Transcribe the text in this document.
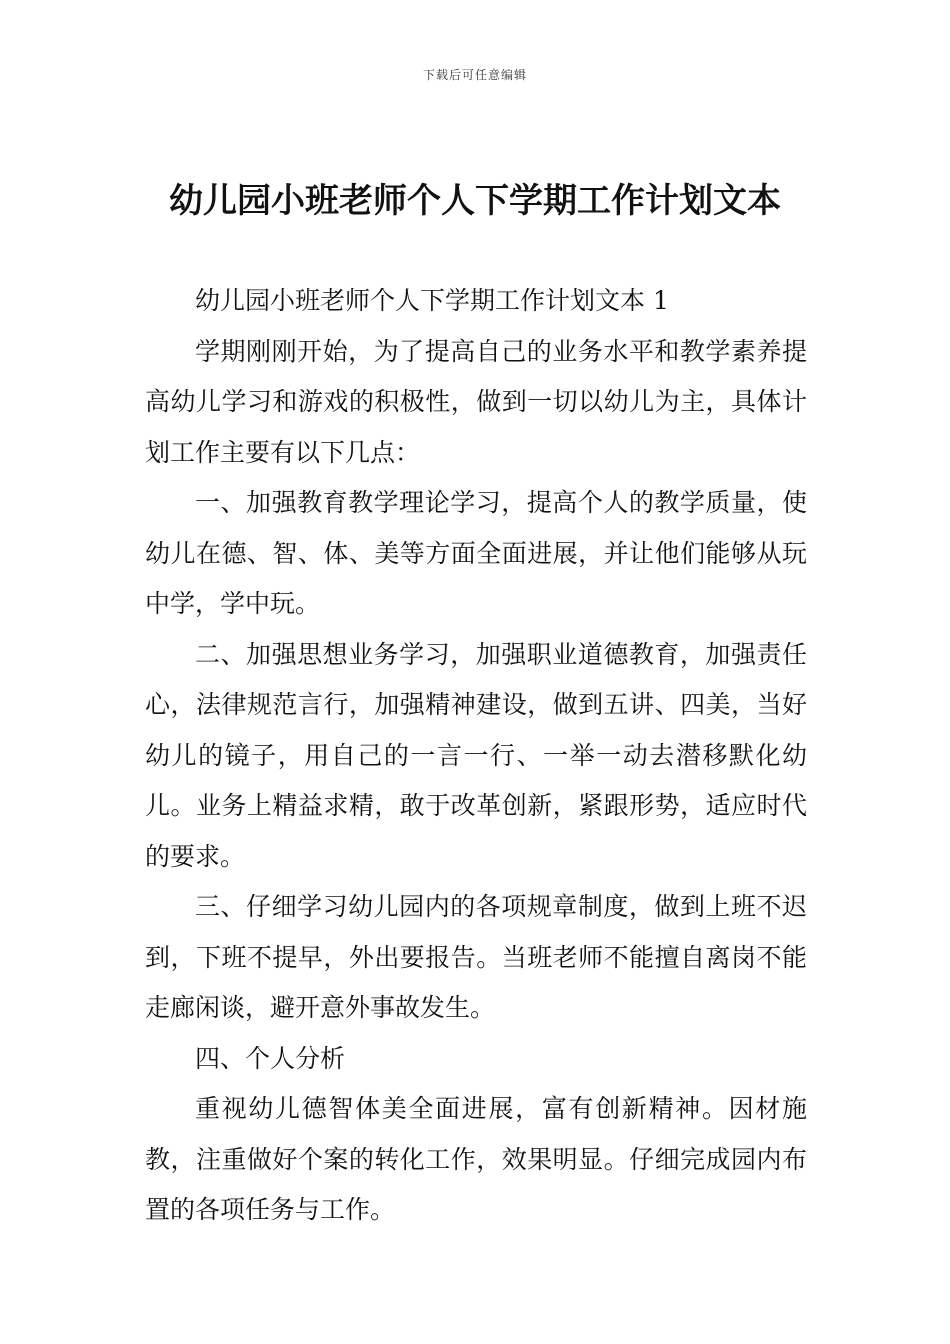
下载后可任意编辑
幼儿园小班老师个人下学期工作计划文本

幼儿园小班老师个人下学期工作计划文本 1

学期刚刚开始，为了提高自己的业务水平和教学素养提高幼儿学习和游戏的积极性，做到一切以幼儿为主，具体计划工作主要有以下几点：

一、加强教育教学理论学习，提高个人的教学质量，使幼儿在德、智、体、美等方面全面进展，并让他们能够从玩中学，学中玩。

二、加强思想业务学习，加强职业道德教育，加强责任心，法律规范言行，加强精神建设，做到五讲、四美，当好幼儿的镜子，用自己的一言一行、一举一动去潜移默化幼儿。业务上精益求精，敢于改革创新，紧跟形势，适应时代的要求。

三、仔细学习幼儿园内的各项规章制度，做到上班不迟到，下班不提早，外出要报告。当班老师不能擅自离岗不能走廊闲谈，避开意外事故发生。

四、个人分析

重视幼儿德智体美全面进展，富有创新精神。因材施教，注重做好个案的转化工作，效果明显。仔细完成园内布置的各项任务与工作。
